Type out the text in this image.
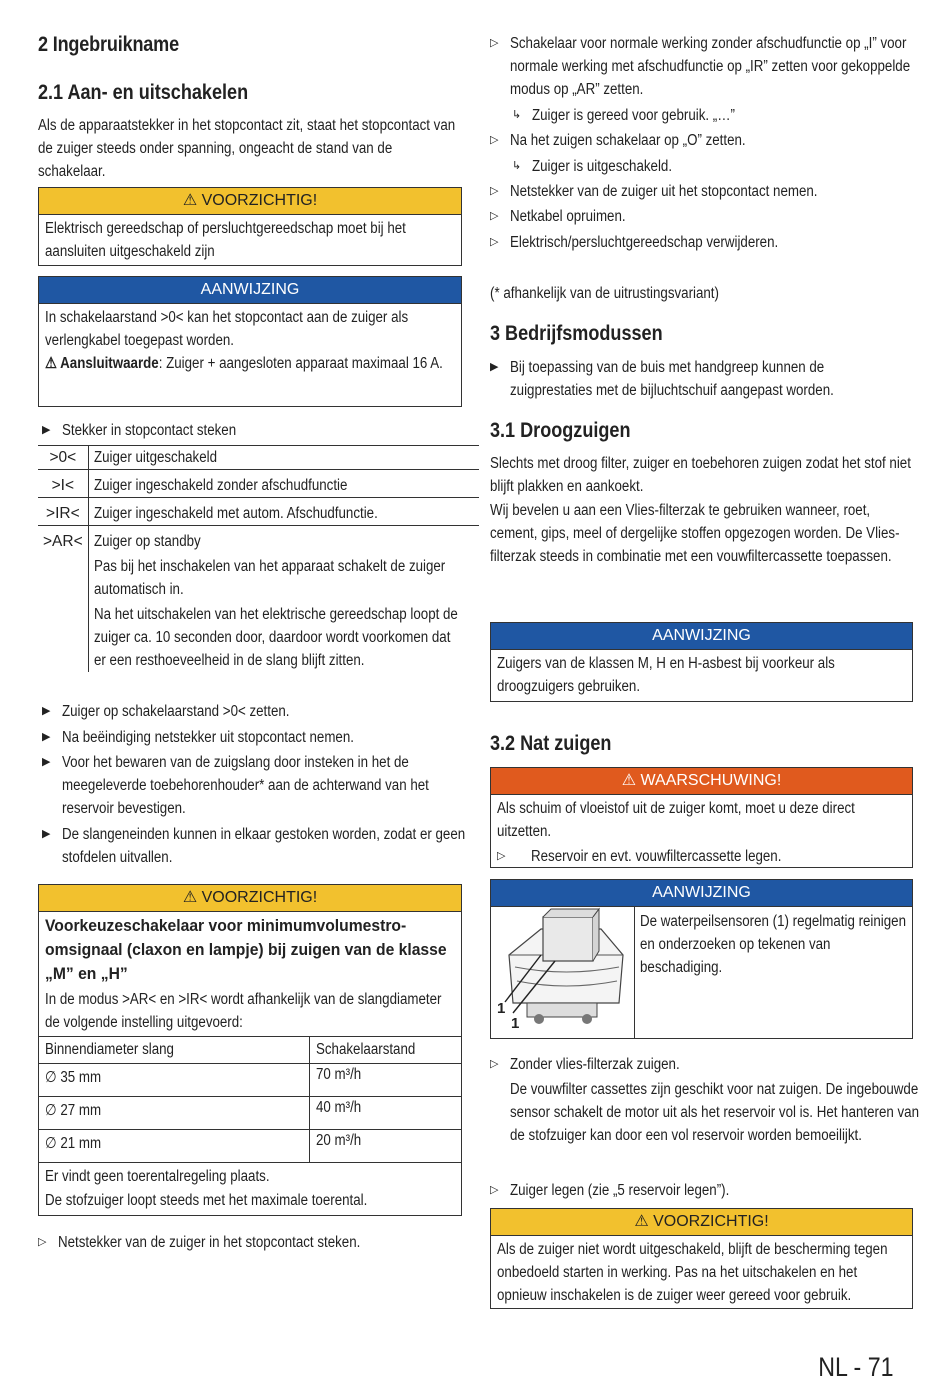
2 Ingebruikname
2.1 Aan- en uitschakelen
Als de apparaatstekker in het stopcontact zit, staat het stopcontact van de zuiger steeds onder spanning, ongeacht de stand van de schakelaar.
⚠ VOORZICHTIG!
Elektrisch gereedschap of persluchtgereedschap moet bij het aansluiten uitgeschakeld zijn
AANWIJZING
In schakelaarstand >0< kan het stopcontact aan de zuiger als verlengkabel toegepast worden. ⚠ Aansluitwaarde: Zuiger + aangesloten apparaat maximaal 16 A.
▶ Stekker in stopcontact steken
>0<	Zuiger uitgeschakeld
>I<	Zuiger ingeschakeld zonder afschudfunctie
>IR<	Zuiger ingeschakeld met autom. Afschudfunctie.
>AR<	Zuiger op standby
Pas bij het inschakelen van het apparaat schakelt de zuiger automatisch in.
Na het uitschakelen van het elektrische gereedschap loopt de zuiger ca. 10 seconden door, daardoor wordt voorkomen dat er een resthoeveelheid in de slang blijft zitten.
▶ Zuiger op schakelaarstand >0< zetten.
▶ Na beëindiging netstekker uit stopcontact nemen.
▶ Voor het bewaren van de zuigslang door insteken in het de meegeleverde toebehorenhouder* aan de achterwand van het reservoir bevestigen.
▶ De slangeneinden kunnen in elkaar gestoken worden, zodat er geen stofdelen uitvallen.
⚠ VOORZICHTIG!
Voorkeuzeschakelaar voor minimumvolumestro-omsignaal (claxon en lampje) bij zuigen van de klasse „M” en „H”
In de modus >AR< en >IR< wordt afhankelijk van de slangdiameter de volgende instelling uitgevoerd:
Binnendiameter slang	Schakelaarstand
∅ 35 mm	70 m³/h
∅ 27 mm	40 m³/h
∅ 21 mm	20 m³/h
Er vindt geen toerentalregeling plaats. De stofzuiger loopt steeds met het maximale toerental.
▷ Netstekker van de zuiger in het stopcontact steken.
▷ Schakelaar voor normale werking zonder afschudfunctie op „I” voor normale werking met afschudfunctie op „IR” zetten voor gekoppelde modus op „AR” zetten.
↳ Zuiger is gereed voor gebruik. „…”
▷ Na het zuigen schakelaar op „O” zetten.
↳ Zuiger is uitgeschakeld.
▷ Netstekker van de zuiger uit het stopcontact nemen.
▷ Netkabel opruimen.
▷ Elektrisch/persluchtgereedschap verwijderen.
(* afhankelijk van de uitrustingsvariant)
3 Bedrijfsmodussen
▶ Bij toepassing van de buis met handgreep kunnen de zuigprestaties met de bijluchtschuif aangepast worden.
3.1 Droogzuigen
Slechts met droog filter, zuiger en toebehoren zuigen zodat het stof niet blijft plakken en aankoekt.
Wij bevelen u aan een Vlies-filterzak te gebruiken wanneer, roet, cement, gips, meel of dergelijke stoffen opgezogen worden. De Vlies-filterzak steeds in combinatie met een vouwfiltercassette toepassen.
AANWIJZING
Zuigers van de klassen M, H en H-asbest bij voorkeur als droogzuigers gebruiken.
3.2 Nat zuigen
⚠ WAARSCHUWING!
Als schuim of vloeistof uit de zuiger komt, moet u deze direct uitzetten.
▷ Reservoir en evt. vouwfiltercassette legen.
AANWIJZING
1
1
De waterpeilsensoren (1) regelmatig reinigen en onderzoeken op tekenen van beschadiging.
▷ Zonder vlies-filterzak zuigen.
De vouwfilter cassettes zijn geschikt voor nat zuigen. De ingebouwde sensor schakelt de motor uit als het reservoir vol is. Het hanteren van de stofzuiger kan door een vol reservoir worden bemoeilijkt.
▷ Zuiger legen (zie „5 reservoir legen”).
⚠ VOORZICHTIG!
Als de zuiger niet wordt uitgeschakeld, blijft de bescherming tegen onbedoeld starten in werking. Pas na het uitschakelen en het opnieuw inschakelen is de zuiger weer gereed voor gebruik.
NL - 71
